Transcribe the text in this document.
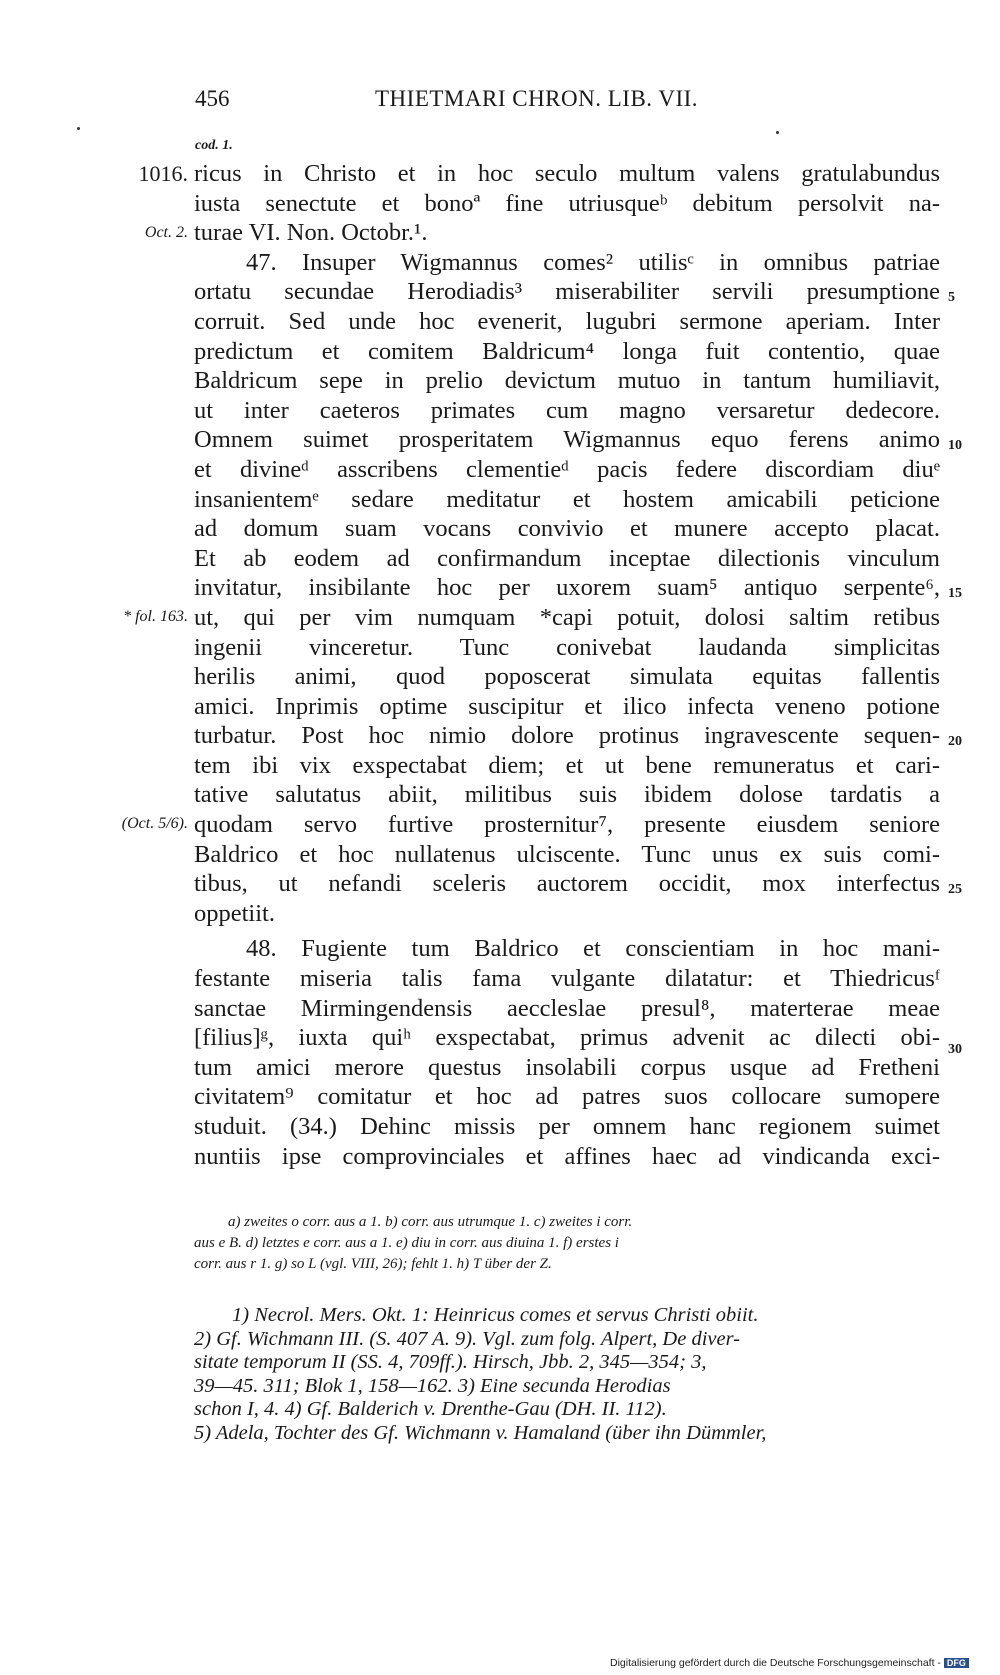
456	THIETMARI CHRON. LIB. VII.
cod. 1.
1016.
Oct. 2.
* fol. 163.
(Oct. 5/6).
5
10
15
20
25
30
ricus in Christo et in hoc seculo multum valens gratulabundus
iusta senectute et bonoª fine utriusqueᵇ debitum persolvit na-
turae VI. Non. Octobr.¹.
47. Insuper Wigmannus comes² utilisᶜ in omnibus patriae
ortatu secundae Herodiadis³ miserabiliter servili presumptione
corruit. Sed unde hoc evenerit, lugubri sermone aperiam. Inter
predictum et comitem Baldricum⁴ longa fuit contentio, quae
Baldricum sepe in prelio devictum mutuo in tantum humiliavit,
ut inter caeteros primates cum magno versaretur dedecore.
Omnem suimet prosperitatem Wigmannus equo ferens animo
et divineᵈ asscribens clementieᵈ pacis federe discordiam diuᵉ
insanientemᵉ sedare meditatur et hostem amicabili peticione
ad domum suam vocans convivio et munere accepto placat.
Et ab eodem ad confirmandum inceptae dilectionis vinculum
invitatur, insibilante hoc per uxorem suam⁵ antiquo serpente⁶,
ut, qui per vim numquam *capi potuit, dolosi saltim retibus
ingenii vinceretur. Tunc conivebat laudanda simplicitas
herilis animi, quod poposcerat simulata equitas fallentis
amici. Inprimis optime suscipitur et ilico infecta veneno potione
turbatur. Post hoc nimio dolore protinus ingravescente sequen-
tem ibi vix exspectabat diem; et ut bene remuneratus et cari-
tative salutatus abiit, militibus suis ibidem dolose tardatis a
quodam servo furtive prosternitur⁷, presente eiusdem seniore
Baldrico et hoc nullatenus ulciscente. Tunc unus ex suis comi-
tibus, ut nefandi sceleris auctorem occidit, mox interfectus
oppetiit.
48. Fugiente tum Baldrico et conscientiam in hoc mani-
festante miseria talis fama vulgante dilatatur: et Thiedricusᶠ
sanctae Mirmingendensis aeccleslae presul⁸, materterae meae
[filius]ᵍ, iuxta quiʰ exspectabat, primus advenit ac dilecti obi-
tum amici merore questus insolabili corpus usque ad Fretheni
civitatem⁹ comitatur et hoc ad patres suos collocare sumopere
studuit. (34.) Dehinc missis per omnem hanc regionem suimet
nuntiis ipse comprovinciales et affines haec ad vindicanda exci-
a) zweites o corr. aus a 1. b) corr. aus utrumque 1. c) zweites i corr.
aus e B. d) letztes e corr. aus a 1. e) diu in corr. aus diuina 1. f) erstes i
corr. aus r 1. g) so L (vgl. VIII, 26); fehlt 1. h) T über der Z.
1) Necrol. Mers. Okt. 1: Heinricus comes et servus Christi obiit.
2) Gf. Wichmann III. (S. 407 A. 9). Vgl. zum folg. Alpert, De diver-
sitate temporum II (SS. 4, 709ff.). Hirsch, Jbb. 2, 345—354; 3,
39—45. 311; Blok 1, 158—162. 3) Eine secunda Herodias
schon I, 4. 4) Gf. Balderich v. Drenthe-Gau (DH. II. 112).
5) Adela, Tochter des Gf. Wichmann v. Hamaland (über ihn Dümmler,
Digitalisierung gefördert durch die Deutsche Forschungsgemeinschaft - DFG
